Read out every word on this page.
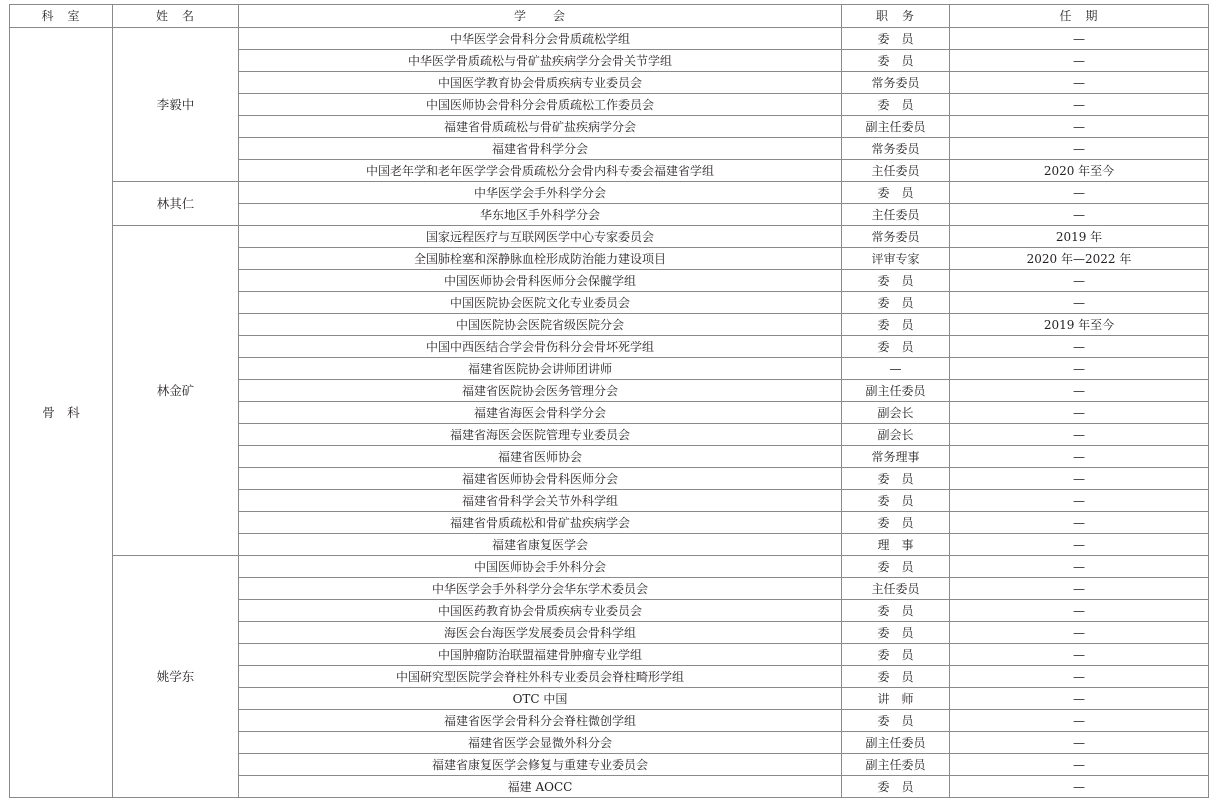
科　室	姓　名	学　　会	职　务	任　期
骨　科	李毅中	中华医学会骨科分会骨质疏松学组	委　员	—
		中华医学骨质疏松与骨矿盐疾病学分会骨关节学组	委　员	—
		中国医学教育协会骨质疾病专业委员会	常务委员	—
		中国医师协会骨科分会骨质疏松工作委员会	委　员	—
		福建省骨质疏松与骨矿盐疾病学分会	副主任委员	—
		福建省骨科学分会	常务委员	—
		中国老年学和老年医学学会骨质疏松分会骨内科专委会福建省学组	主任委员	2020 年至今
	林其仁	中华医学会手外科学分会	委　员	—
		华东地区手外科学分会	主任委员	—
	林金矿	国家远程医疗与互联网医学中心专家委员会	常务委员	2019 年
		全国肺栓塞和深静脉血栓形成防治能力建设项目	评审专家	2020 年—2022 年
		中国医师协会骨科医师分会保髋学组	委　员	—
		中国医院协会医院文化专业委员会	委　员	—
		中国医院协会医院省级医院分会	委　员	2019 年至今
		中国中西医结合学会骨伤科分会骨坏死学组	委　员	—
		福建省医院协会讲师团讲师	—	—
		福建省医院协会医务管理分会	副主任委员	—
		福建省海医会骨科学分会	副会长	—
		福建省海医会医院管理专业委员会	副会长	—
		福建省医师协会	常务理事	—
		福建省医师协会骨科医师分会	委　员	—
		福建省骨科学会关节外科学组	委　员	—
		福建省骨质疏松和骨矿盐疾病学会	委　员	—
		福建省康复医学会	理　事	—
	姚学东	中国医师协会手外科分会	委　员	—
		中华医学会手外科学分会华东学术委员会	主任委员	—
		中国医药教育协会骨质疾病专业委员会	委　员	—
		海医会台海医学发展委员会骨科学组	委　员	—
		中国肿瘤防治联盟福建骨肿瘤专业学组	委　员	—
		中国研究型医院学会脊柱外科专业委员会脊柱畸形学组	委　员	—
		OTC 中国	讲　师	—
		福建省医学会骨科分会脊柱微创学组	委　员	—
		福建省医学会显微外科分会	副主任委员	—
		福建省康复医学会修复与重建专业委员会	副主任委员	—
		福建 AOCC	委　员	—
